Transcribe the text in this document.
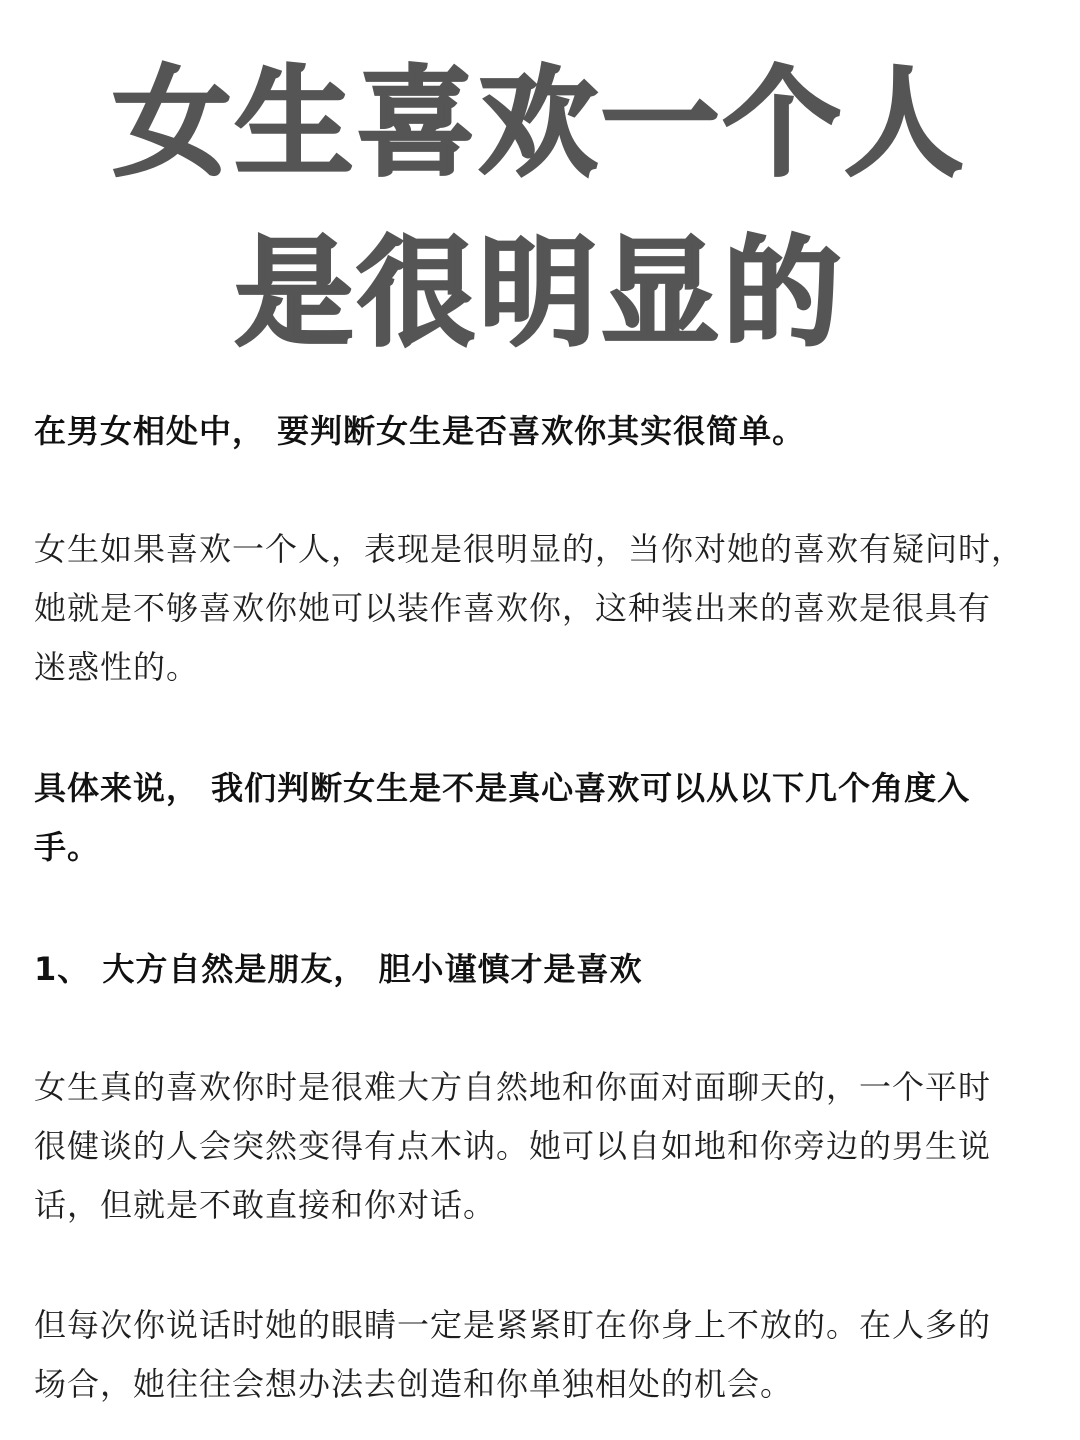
女生喜欢一个人
是很明显的
在男女相处中， 要判断女生是否喜欢你其实很简单。
女生如果喜欢一个人，表现是很明显的，当你对她的喜欢有疑问时，
她就是不够喜欢你她可以装作喜欢你，这种装出来的喜欢是很具有
迷惑性的。
具体来说， 我们判断女生是不是真心喜欢可以从以下几个角度入
手。
1、 大方自然是朋友， 胆小谨慎才是喜欢
女生真的喜欢你时是很难大方自然地和你面对面聊天的，一个平时
很健谈的人会突然变得有点木讷。她可以自如地和你旁边的男生说
话，但就是不敢直接和你对话。
但每次你说话时她的眼睛一定是紧紧盯在你身上不放的。在人多的
场合，她往往会想办法去创造和你单独相处的机会。
